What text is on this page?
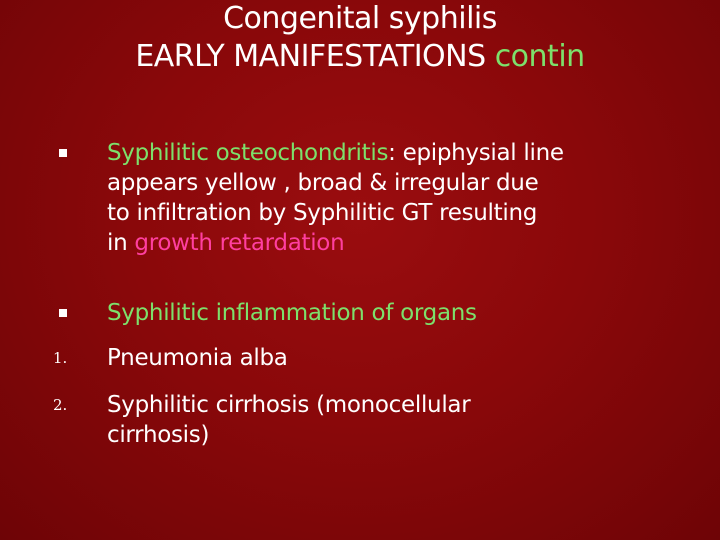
Congenital syphilis
EARLY MANIFESTATIONS contin
Syphilitic osteochondritis: epiphysial line
appears yellow , broad & irregular due
to infiltration by Syphilitic GT resulting
in growth retardation
Syphilitic inflammation of organs
1. Pneumonia alba
2. Syphilitic cirrhosis (monocellular
cirrhosis)
